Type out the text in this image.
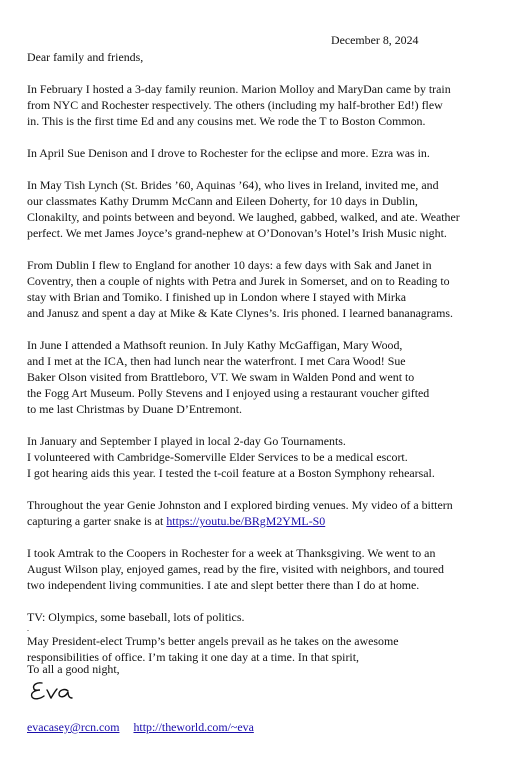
December 8, 2024
Dear family and friends,
In February I hosted a 3-day family reunion. Marion Molloy and MaryDan came by train
from NYC and Rochester respectively. The others (including my half-brother Ed!) flew
in. This is the first time Ed and any cousins met. We rode the T to Boston Common.
In April Sue Denison and I drove to Rochester for the eclipse and more. Ezra was in.
In May Tish Lynch (St. Brides ’60, Aquinas ’64), who lives in Ireland, invited me, and
our classmates Kathy Drumm McCann and Eileen Doherty, for 10 days in Dublin,
Clonakilty, and points between and beyond. We laughed, gabbed, walked, and ate. Weather
perfect. We met James Joyce’s grand-nephew at O’Donovan’s Hotel’s Irish Music night.
From Dublin I flew to England for another 10 days: a few days with Sak and Janet in
Coventry, then a couple of nights with Petra and Jurek in Somerset, and on to Reading to
stay with Brian and Tomiko. I finished up in London where I stayed with Mirka
and Janusz and spent a day at Mike & Kate Clynes’s. Iris phoned. I learned bananagrams.
In June I attended a Mathsoft reunion. In July Kathy McGaffigan, Mary Wood,
and I met at the ICA, then had lunch near the waterfront. I met Cara Wood! Sue
Baker Olson visited from Brattleboro, VT. We swam in Walden Pond and went to
the Fogg Art Museum. Polly Stevens and I enjoyed using a restaurant voucher gifted
to me last Christmas by Duane D’Entremont.
In January and September I played in local 2-day Go Tournaments.
I volunteered with Cambridge-Somerville Elder Services to be a medical escort.
I got hearing aids this year. I tested the t-coil feature at a Boston Symphony rehearsal.
Throughout the year Genie Johnston and I explored birding venues. My video of a bittern
capturing a garter snake is at https://youtu.be/BRgM2YML-S0
I took Amtrak to the Coopers in Rochester for a week at Thanksgiving. We went to an
August Wilson play, enjoyed games, read by the fire, visited with neighbors, and toured
two independent living communities. I ate and slept better there than I do at home.
TV: Olympics, some baseball, lots of politics.
.
May President-elect Trump’s better angels prevail as he takes on the awesome
responsibilities of office. I’m taking it one day at a time. In that spirit,
To all a good night,
evacasey@rcn.com http://theworld.com/~eva
